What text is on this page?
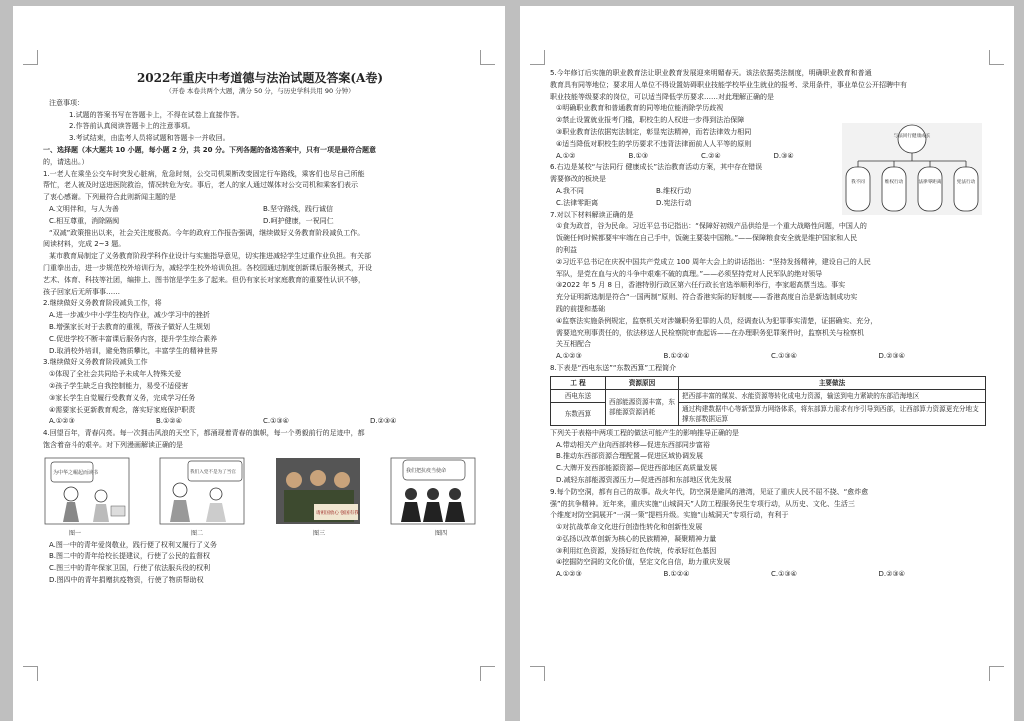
2022年重庆中考道德与法治试题及答案(A卷)
（开卷 本卷共两个大题，满分 50 分，与历史学科共用 90 分钟）
注意事项：
1.试题的答案书写在答题卡上，不得在试卷上直接作答。
2.作答前认真阅读答题卡上的注意事项。
3.考试结束，由监考人员将试题和答题卡一并收回。
一、选择题（本大题共 10 小题，每小题 2 分，共 20 分。下列各题的备选答案中，只有一项是最符合题意
的，请选出。）
1.一老人在乘坐公交车时突发心脏病，危急时刻，公交司机果断改变固定行车路线，乘客们也尽自己所能
帮忙，老人被及时送进医院救治，情况转危为安。事后，老人的家人通过媒体对公交司机和乘客们表示
了衷心感谢。下列最符合此则新闻主题的是
A.文明伴和，与人为善	B.坚守路线，践行诚信
C.相互尊重，消除隔阂	D.呵护健康，一祝同仁
“双减”政策推出以来，社会关注度极高。今年的政府工作报告强调，继续做好义务教育阶段减负工作。
阅读材料，完成 2~3 题。
某市教育局制定了义务教育阶段学科作业设计与实施指导意见，切实推进减轻学生过重作业负担。有关部
门重拳出击，进一步规范校外培训行为，减轻学生校外培训负担。各校园通过制度创新课后服务模式，开设
艺术、体育、科技等社团，编排上、图书馆是学生多了起来。但仍有家长对家庭教育的重要性认识不够，
孩子回家后无所事事……
2.继续做好义务教育阶段减负工作，将
A.进一步减少中小学生校内作业，减少学习中的挫折
B.增强家长对于去教育的重视，帮孩子做好人生规划
C.促进学校不断丰富课后服务内容，提升学生综合素养
D.取消校外培训，避免物质攀比，丰富学生的精神世界
3.继续做好义务教育阶段减负工作
①体现了全社会共同给予未成年人特殊关爱
②孩子学生缺乏自我控制能力，易受不适侵害
③家长学生自觉履行受教育义务，完成学习任务
④需要家长更新教育观念，落实好家庭保护职责
A.①②③	B.①②④	C.①③④	D.②③④
4.回望百年，青春闪亮。每一次拥击风浪的天空下，都涌现着青春的旗帜，每一个勇毅前行的足迹中，都
饱含着奋斗的艰辛。对下列漫画解读正确的是
为中华之崛起而读书	我们入党不是为了当官
请祖国放心 强国有我
我们把抗疫当使命
图一	图二	图三	图四
A.图一中的青年爱岗敬业，践行便了权利又履行了义务
B.图二中的青年给校长提建议，行使了公民的监督权
C.图三中的青年保家卫国，行使了依法服兵役的权利
D.图四中的青年捐赠抗疫物资，行使了物质帮助权
与法同行健康成长
我不同	维权行动	法律零距离	宪法行动
5.今年修订后实施的职业教育法让职业教育发展迎来明媚春天。该法依据类法制度，明确职业教育和普通
教育具有同等地位；要求用人单位不得设置妨碍职业技能学校毕业生就业的报考、录用条件，事业单位公开招聘中有
职业技能等级要求的岗位，可以适当降低学历要求……对此理解正确的是
①明确职业教育和普通教育的同等地位能消除学历歧视
②禁止设置就业报考门槛，职校生的人权进一步得到法治保障
③职业教育法依据宪法制定，彰显宪法精神，而若法律效力相同
④适当降低对职校生的学历要求不违背法律面前人人平等的原则
A.①②	B.①③	C.②④	D.③④
6.右边是某校“与法同行 健康成长”法治教育活动方案，其中存在错误
需要修改的板块是
A.我不同	B.维权行动
C.法律零距离	D.宪法行动
7.对以下材料解读正确的是
①食为政首，谷为民命。习近平总书记指出：“保障好初级产品供给是一个重大战略性问题，中国人的
饭碗任何时候都要牢牢端在自己手中，饭碗主要装中国粮。”——保障粮食安全就是维护国家和人民
的利益
②习近平总书记在庆祝中国共产党成立 100 周年大会上的讲话指出：“坚持发扬精神，建设自己的人民
军队，是党在血与火的斗争中艰难不破的真理。”——必须坚持党对人民军队的绝对领导
③2022 年 5 月 8 日，香港特别行政区第六任行政长官选举顺利举行，李家超高票当选。事实
充分证明新选制是符合“一国两制”原则、符合香港实际的好制度——香港高度自治是新选制成功实
践的前提和基础
④监察法实施条例规定，监察机关对涉嫌职务犯罪的人员，经调查认为犯罪事实清楚，证据确实、充分，
需要追究刑事责任的，依法移送人民检察院审查起诉——在办理职务犯罪案件时，监察机关与检察机
关互相配合
A.①②③	B.①②④	C.①③④	D.②③④
8.下表是“西电东送”“东数西算”工程简介
工 程	资源原因	主要做法
西电东送	西部能源资源丰富，东部能源资源消耗	把西部丰富的煤炭、水能资源等转化成电力资源，输送到电力紧缺的东部沿海地区
东数西算		通过构建数据中心等新型算力网络体系，将东部算力需求有序引导到西部，让西部算力资源更充分地支撑东部数据运算
下列关于表格中两项工程的做法可能产生的影响推导正确的是
A.带动相关产业向西部转移—促进东西部同步富裕
B.推动东西部资源合理配置—促进区域协调发展
C.大牌开发西部能源资源—促进西部地区高质量发展
D.减轻东部能源资源压力—促进西部和东部地区优先发展
9.每个防空洞，都有自己的故事。战火年代，防空洞是避风的港湾，见证了重庆人民不屈不挠、“愈炸愈
强”的抗争精神。近年来，重庆实施“山城洞天”人防工程服务民生专项行动，从历史、文化、生活三
个维度对防空洞展开“一洞一策”提档升级。实施“山城洞天”专项行动，有利于
①对抗战革命文化进行创造性转化和创新性发展
②弘扬以改革创新为核心的民族精神，凝聚精神力量
③利用红色资源，发扬好红色传统，传承好红色基因
④挖掘防空洞的文化价值，坚定文化自信，助力重庆发展
A.①②③	B.①②④	C.①③④	D.②③④
